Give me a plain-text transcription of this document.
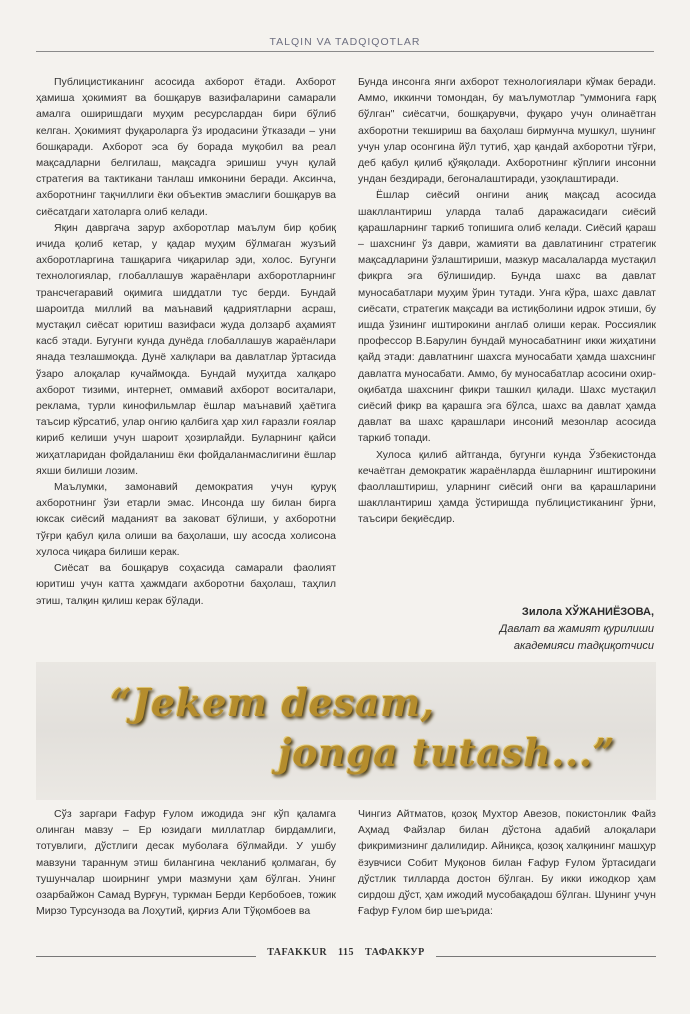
TALQIN VA TADQIQOTLAR

Публицистиканинг асосида ахборот ётади. Ахборот ҳамиша ҳокимият ва бошқарув вазифаларини самарали амалга оширишдаги муҳим ресурслардан бири бўлиб келган. Ҳокимият фуқароларга ўз иродасини ўтказади – уни бошқаради. Ахборот эса бу борада муқобил ва реал мақсадларни белгилаш, мақсадга эришиш учун қулай стратегия ва тактикани танлаш имконини беради. Аксинча, ахборотнинг тақчиллиги ёки объектив эмаслиги бошқарув ва сиёсатдаги хатоларга олиб келади.

Яқин давргача зарур ахборотлар маълум бир қобиқ ичида қолиб кетар, у қадар муҳим бўлмаган жузъий ахборотларгина ташқарига чиқарилар эди, холос. Бугунги технологиялар, глобаллашув жараёнлари ахборотларнинг трансчегаравий оқимига шиддатли тус берди. Бундай шароитда миллий ва маънавий қадриятларни асраш, мустақил сиёсат юритиш вазифаси жуда долзарб аҳамият касб этади. Бугунги кунда дунёда глобаллашув жараёнлари янада тезлашмоқда. Дунё халқлари ва давлатлар ўртасида ўзаро алоқалар кучаймоқда. Бундай муҳитда халқаро ахборот тизими, интернет, оммавий ахборот воситалари, реклама, турли кинофильмлар ёшлар маънавий ҳаётига таъсир кўрсатиб, улар онгию қалбига ҳар хил ғаразли ғоялар кириб келиши учун шароит ҳозирлайди. Буларнинг қайси жиҳатларидан фойдаланиш ёки фойдаланмаслигини ёшлар яхши билиши лозим.

Маълумки, замонавий демократия учун қуруқ ахборотнинг ўзи етарли эмас. Инсонда шу билан бирга юксак сиёсий маданият ва заковат бўлиши, у ахборотни тўғри қабул қила олиши ва баҳолаши, шу асосда холисона хулоса чиқара билиши керак.

Сиёсат ва бошқарув соҳасида самарали фаолият юритиш учун катта ҳажмдаги ахборотни баҳолаш, таҳлил этиш, талқин қилиш керак бўлади.

Бунда инсонга янги ахборот технологиялари кўмак беради. Аммо, иккинчи томондан, бу маълумотлар "уммонига ғарқ бўлган" сиёсатчи, бошқарувчи, фуқаро учун олинаётган ахборотни текшириш ва баҳолаш бирмунча мушкул, шунинг учун улар осонгина йўл тутиб, ҳар қандай ахборотни тўғри, деб қабул қилиб қўяқолади. Ахборотнинг кўплиги инсонни ундан бездиради, бегоналаштиради, узоқлаштиради.

Ёшлар сиёсий онгини аниқ мақсад асосида шакллантириш уларда талаб даражасидаги сиёсий қарашларнинг таркиб топишига олиб келади. Сиёсий қараш – шахснинг ўз даври, жамияти ва давлатининг стратегик мақсадларини ўзлаштириши, мазкур масалаларда мустақил фикрга эга бўлишидир. Бунда шахс ва давлат муносабатлари муҳим ўрин тутади. Унга кўра, шахс давлат сиёсати, стратегик мақсади ва истиқболини идрок этиши, бу ишда ўзининг иштирокини англаб олиши керак. Россиялик профессор В.Барулин бундай муносабатнинг икки жиҳатини қайд этади: давлатнинг шахсга муносабати ҳамда шахснинг давлатга муносабати. Аммо, бу муносабатлар асосини охир-оқибатда шахснинг фикри ташкил қилади. Шахс мустақил сиёсий фикр ва қарашга эга бўлса, шахс ва давлат ҳамда давлат ва шахс қарашлари инсоний мезонлар асосида таркиб топади.

Хулоса қилиб айтганда, бугунги кунда Ўзбекистонда кечаётган демократик жараёнларда ёшларнинг иштирокини фаоллаштириш, уларнинг сиёсий онги ва қарашларини шакллантириш ҳамда ўстиришда публицистиканинг ўрни, таъсири беқиёсдир.

Зилола ХЎЖАНИЁЗОВА,
Давлат ва жамият қурилиши
академияси тадқиқотчиси
“Jekem desam,
jonga tutash...”

Сўз заргари Ғафур Ғулом ижодида энг кўп қаламга олинган мавзу – Ер юзидаги миллатлар бирдамлиги, тотувлиги, дўстлиги десак муболаға бўлмайди. У ушбу мавзуни тараннум этиш билангина чекланиб қолмаган, бу тушунчалар шоирнинг умри мазмуни ҳам бўлган. Унинг озарбайжон Самад Вурғун, туркман Берди Кербобоев, тожик Мирзо Турсунзода ва Лоҳутий, қирғиз Али Тўқомбоев ва

Чингиз Айтматов, қозоқ Мухтор Авезов, покистонлик Файз Аҳмад Файзлар билан дўстона адабий алоқалари фикримизнинг далилидир. Айниқса, қозоқ халқининг машҳур ёзувчиси Собит Муқонов билан Ғафур Ғулом ўртасидаги дўстлик тилларда достон бўлган. Бу икки ижодкор ҳам сирдош дўст, ҳам ижодий мусобақадош бўлган. Шунинг учун Ғафур Ғулом бир шеърида:

TAFAKKUR 115 ТАФАККУР
